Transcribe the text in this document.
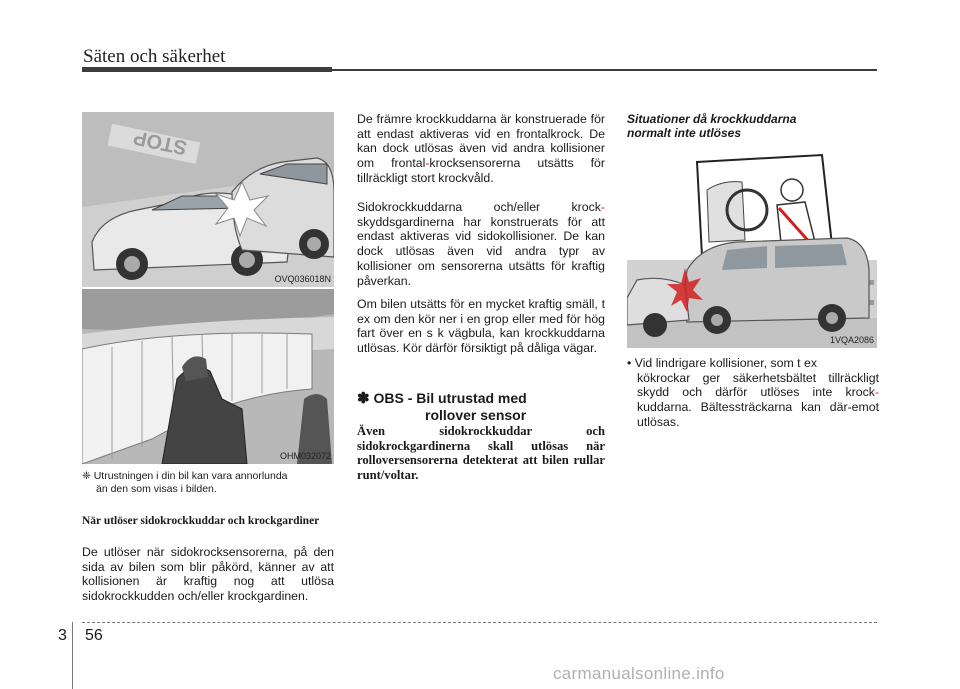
Säten och säkerhet
STOP
OVQ036018N
OHM032072
❈ Utrustningen i din bil kan vara annorlunda
än den som visas i bilden.
När utlöser sidokrockkuddar och krockgardiner
De utlöser när sidokrocksensorerna, på den sida av bilen som blir påkörd, känner av att kollisionen är kraftig nog att utlösa sidokrockkudden och/eller krockgardinen.
De främre krockkuddarna är konstruerade för att endast aktiveras vid en frontalkrock. De kan dock utlösas även vid andra kollisioner om frontal-krocksensorerna utsätts för tillräckligt stort krockvåld.
Sidokrockkuddarna och/eller krock-skyddsgardinerna har konstruerats för att endast aktiveras vid sidokollisioner. De kan dock utlösas även vid andra typr av kollisioner om sensorerna utsätts för kraftig påverkan.
Om bilen utsätts för en mycket kraftig smäll, t ex om den kör ner i en grop eller med för hög fart över en s k vägbula, kan krockkuddarna utlösas. Kör därför försiktigt på dåliga vägar.
✽ OBS - Bil utrustad med
rollover sensor
Även sidokrockkuddar och sidokrockgardinerna skall utlösas när rolloversensorerna detekterat att bilen rullar runt/voltar.
Situationer då krockkuddarna
normalt inte utlöses
1VQA2086
• Vid lindrigare kollisioner, som t ex
kökrockar ger säkerhetsbältet tillräckligt skydd och därför utlöses inte krock-kuddarna. Bältessträckarna kan där-emot utlösas.
3 56
carmanualsonline.info
